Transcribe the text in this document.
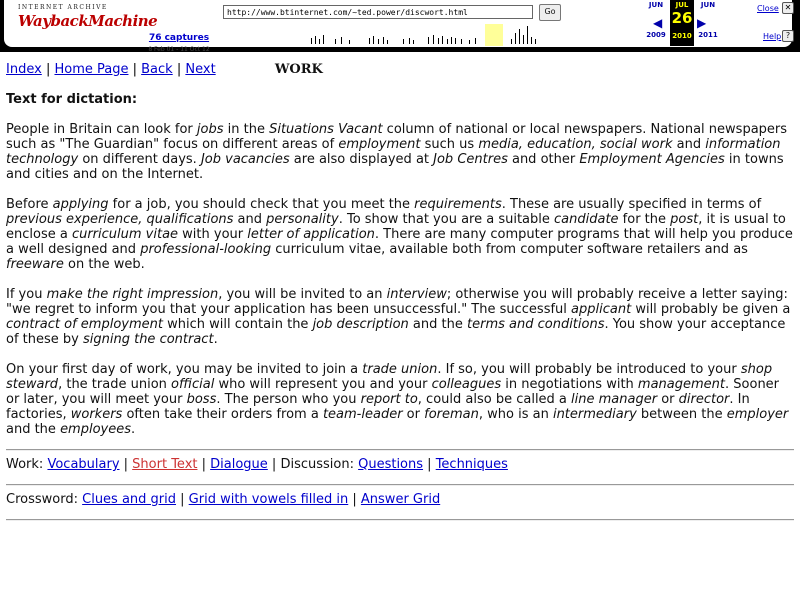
INTERNET ARCHIVE
WaybackMachine	http://www.btinternet.com/~ted.power/discwort.html	Go
76 captures
8 Feb 01 - 11 Oct 12
JUN
2009
◀
JUL
26
2010
▶
JUN
2011
Close ✕
Help ?
Index | Home Page | Back | Next	WORK
Text for dictation:

People in Britain can look for jobs in the Situations Vacant column of national or local newspapers. National newspapers such as "The Guardian" focus on different areas of employment such us media, education, social work and information technology on different days. Job vacancies are also displayed at Job Centres and other Employment Agencies in towns and cities and on the Internet.

Before applying for a job, you should check that you meet the requirements. These are usually specified in terms of previous experience, qualifications and personality. To show that you are a suitable candidate for the post, it is usual to enclose a curriculum vitae with your letter of application. There are many computer programs that will help you produce a well designed and professional-looking curriculum vitae, available both from computer software retailers and as freeware on the web.

If you make the right impression, you will be invited to an interview; otherwise you will probably receive a letter saying: "we regret to inform you that your application has been unsuccessful." The successful applicant will probably be given a contract of employment which will contain the job description and the terms and conditions. You show your acceptance of these by signing the contract.

On your first day of work, you may be invited to join a trade union. If so, you will probably be introduced to your shop steward, the trade union official who will represent you and your colleagues in negotiations with management. Sooner or later, you will meet your boss. The person who you report to, could also be called a line manager or director. In factories, workers often take their orders from a team-leader or foreman, who is an intermediary between the employer and the employees.

Work: Vocabulary | Short Text | Dialogue | Discussion: Questions | Techniques
Crossword: Clues and grid | Grid with vowels filled in | Answer Grid
